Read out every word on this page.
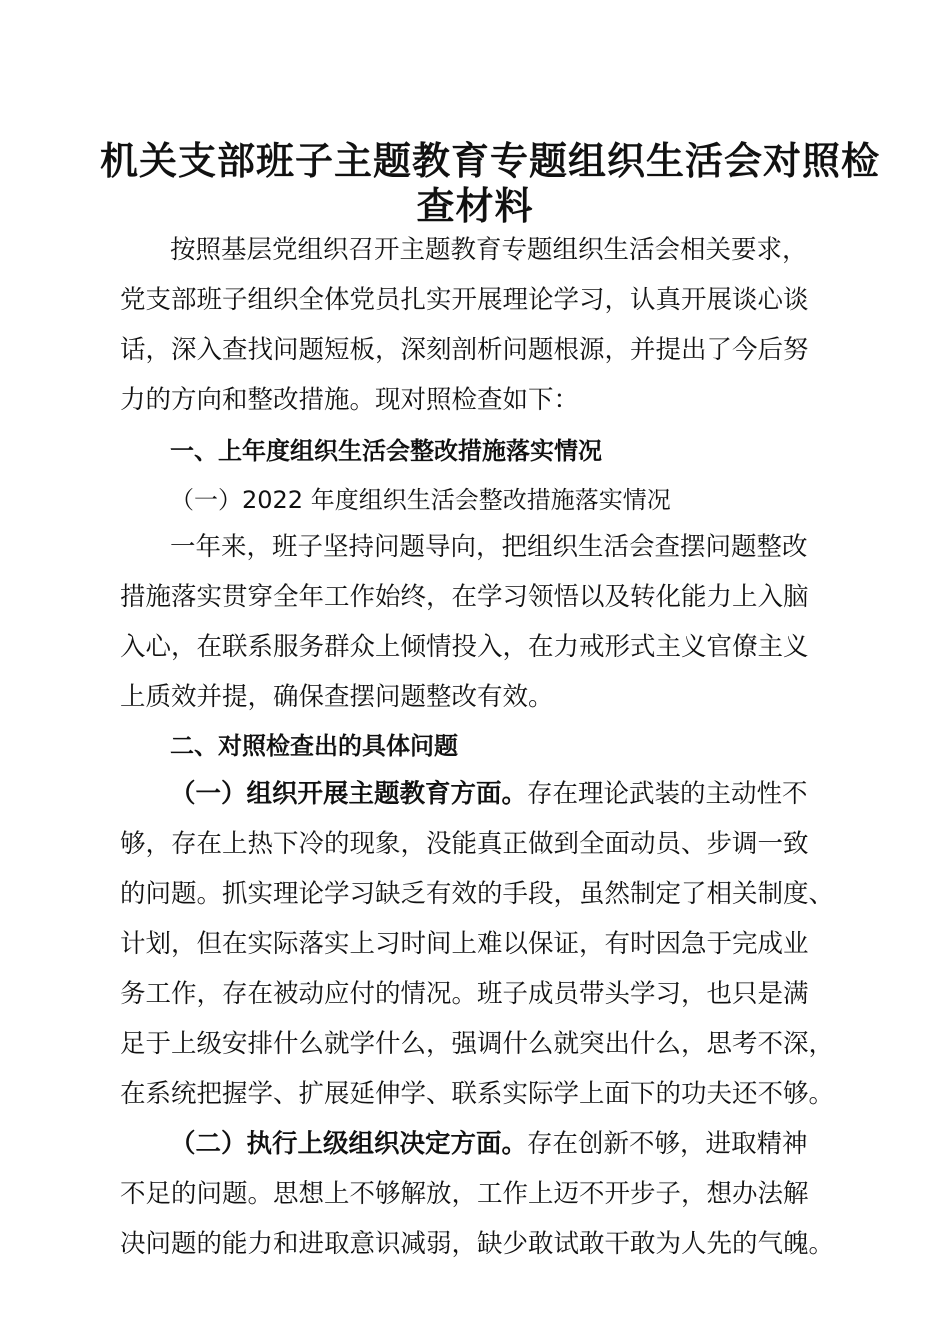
机关支部班子主题教育专题组织生活会对照检
查材料

按照基层党组织召开主题教育专题组织生活会相关要求，

党支部班子组织全体党员扎实开展理论学习，认真开展谈心谈

话，深入查找问题短板，深刻剖析问题根源，并提出了今后努

力的方向和整改措施。现对照检查如下：

一、上年度组织生活会整改措施落实情况

（一）2022 年度组织生活会整改措施落实情况

一年来，班子坚持问题导向，把组织生活会查摆问题整改

措施落实贯穿全年工作始终，在学习领悟以及转化能力上入脑

入心，在联系服务群众上倾情投入，在力戒形式主义官僚主义

上质效并提，确保查摆问题整改有效。

二、对照检查出的具体问题

（一）组织开展主题教育方面。存在理论武装的主动性不

够，存在上热下冷的现象，没能真正做到全面动员、步调一致

的问题。抓实理论学习缺乏有效的手段，虽然制定了相关制度、

计划，但在实际落实上习时间上难以保证，有时因急于完成业

务工作，存在被动应付的情况。班子成员带头学习，也只是满

足于上级安排什么就学什么，强调什么就突出什么，思考不深，

在系统把握学、扩展延伸学、联系实际学上面下的功夫还不够。

（二）执行上级组织决定方面。存在创新不够，进取精神

不足的问题。思想上不够解放，工作上迈不开步子，想办法解

决问题的能力和进取意识减弱，缺少敢试敢干敢为人先的气魄。
